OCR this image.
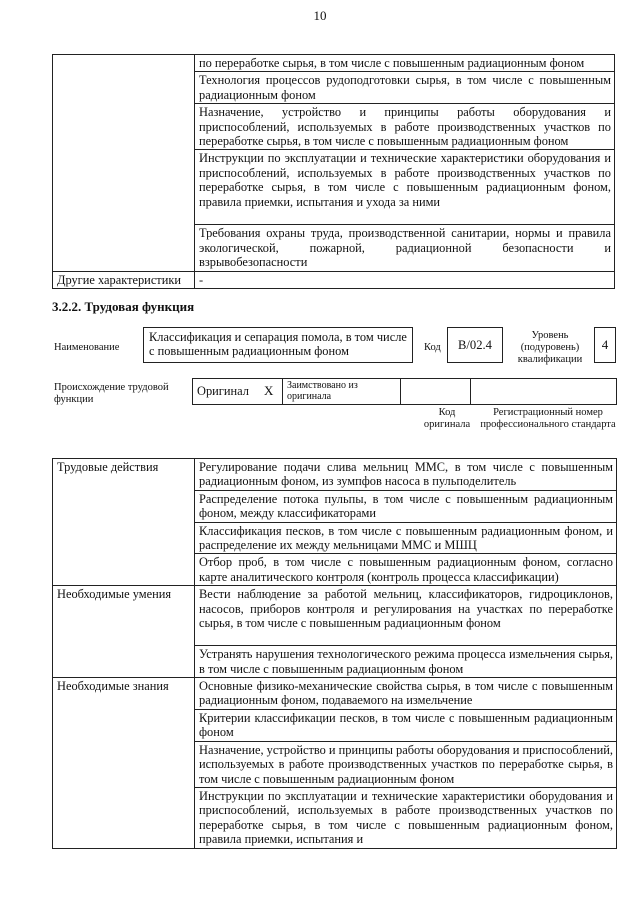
10
	по переработке сырья, в том числе с повышенным радиационным фоном
	Технология процессов рудоподготовки сырья, в том числе с повышенным радиационным фоном
	Назначение, устройство и принципы работы оборудования и приспособлений, используемых в работе производственных участков по переработке сырья, в том числе с повышенным радиационным фоном
	Инструкции по эксплуатации и технические характеристики оборудования и приспособлений, используемых в работе производственных участков по переработке сырья, в том числе с повышенным радиационным фоном, правила приемки, испытания и ухода за ними
	Требования охраны труда, производственной санитарии, нормы и правила экологической, пожарной, радиационной безопасности и взрывобезопасности
Другие характеристики	-
3.2.2. Трудовая функция
Наименование
Классификация и сепарация помола, в том числе с повышенным радиационным фоном	Код	B/02.4
Уровень (подуровень) квалификации
4
Происхождение трудовой функции
Оригинал	X	Заимствовано из оригинала		
Код оригинала
Регистрационный номер профессионального стандарта
Трудовые действия	Регулирование подачи слива мельниц ММС, в том числе с повышенным радиационным фоном, из зумпфов насоса в пульподелитель
	Распределение потока пульпы, в том числе с повышенным радиационным фоном, между классификаторами
	Классификация песков, в том числе с повышенным радиационным фоном, и распределение их между мельницами ММС и МШЦ
	Отбор проб, в том числе с повышенным радиационным фоном, согласно карте аналитического контроля (контроль процесса классификации)
Необходимые умения	Вести наблюдение за работой мельниц, классификаторов, гидроциклонов, насосов, приборов контроля и регулирования на участках по переработке сырья, в том числе с повышенным радиационным фоном
	Устранять нарушения технологического режима процесса измельчения сырья, в том числе с повышенным радиационным фоном
Необходимые знания	Основные физико-механические свойства сырья, в том числе с повышенным радиационным фоном, подаваемого на измельчение
	Критерии классификации песков, в том числе с повышенным радиационным фоном
	Назначение, устройство и принципы работы оборудования и приспособлений, используемых в работе производственных участков по переработке сырья, в том числе с повышенным радиационным фоном
	Инструкции по эксплуатации и технические характеристики оборудования и приспособлений, используемых в работе производственных участков по переработке сырья, в том числе с повышенным радиационным фоном, правила приемки, испытания и
